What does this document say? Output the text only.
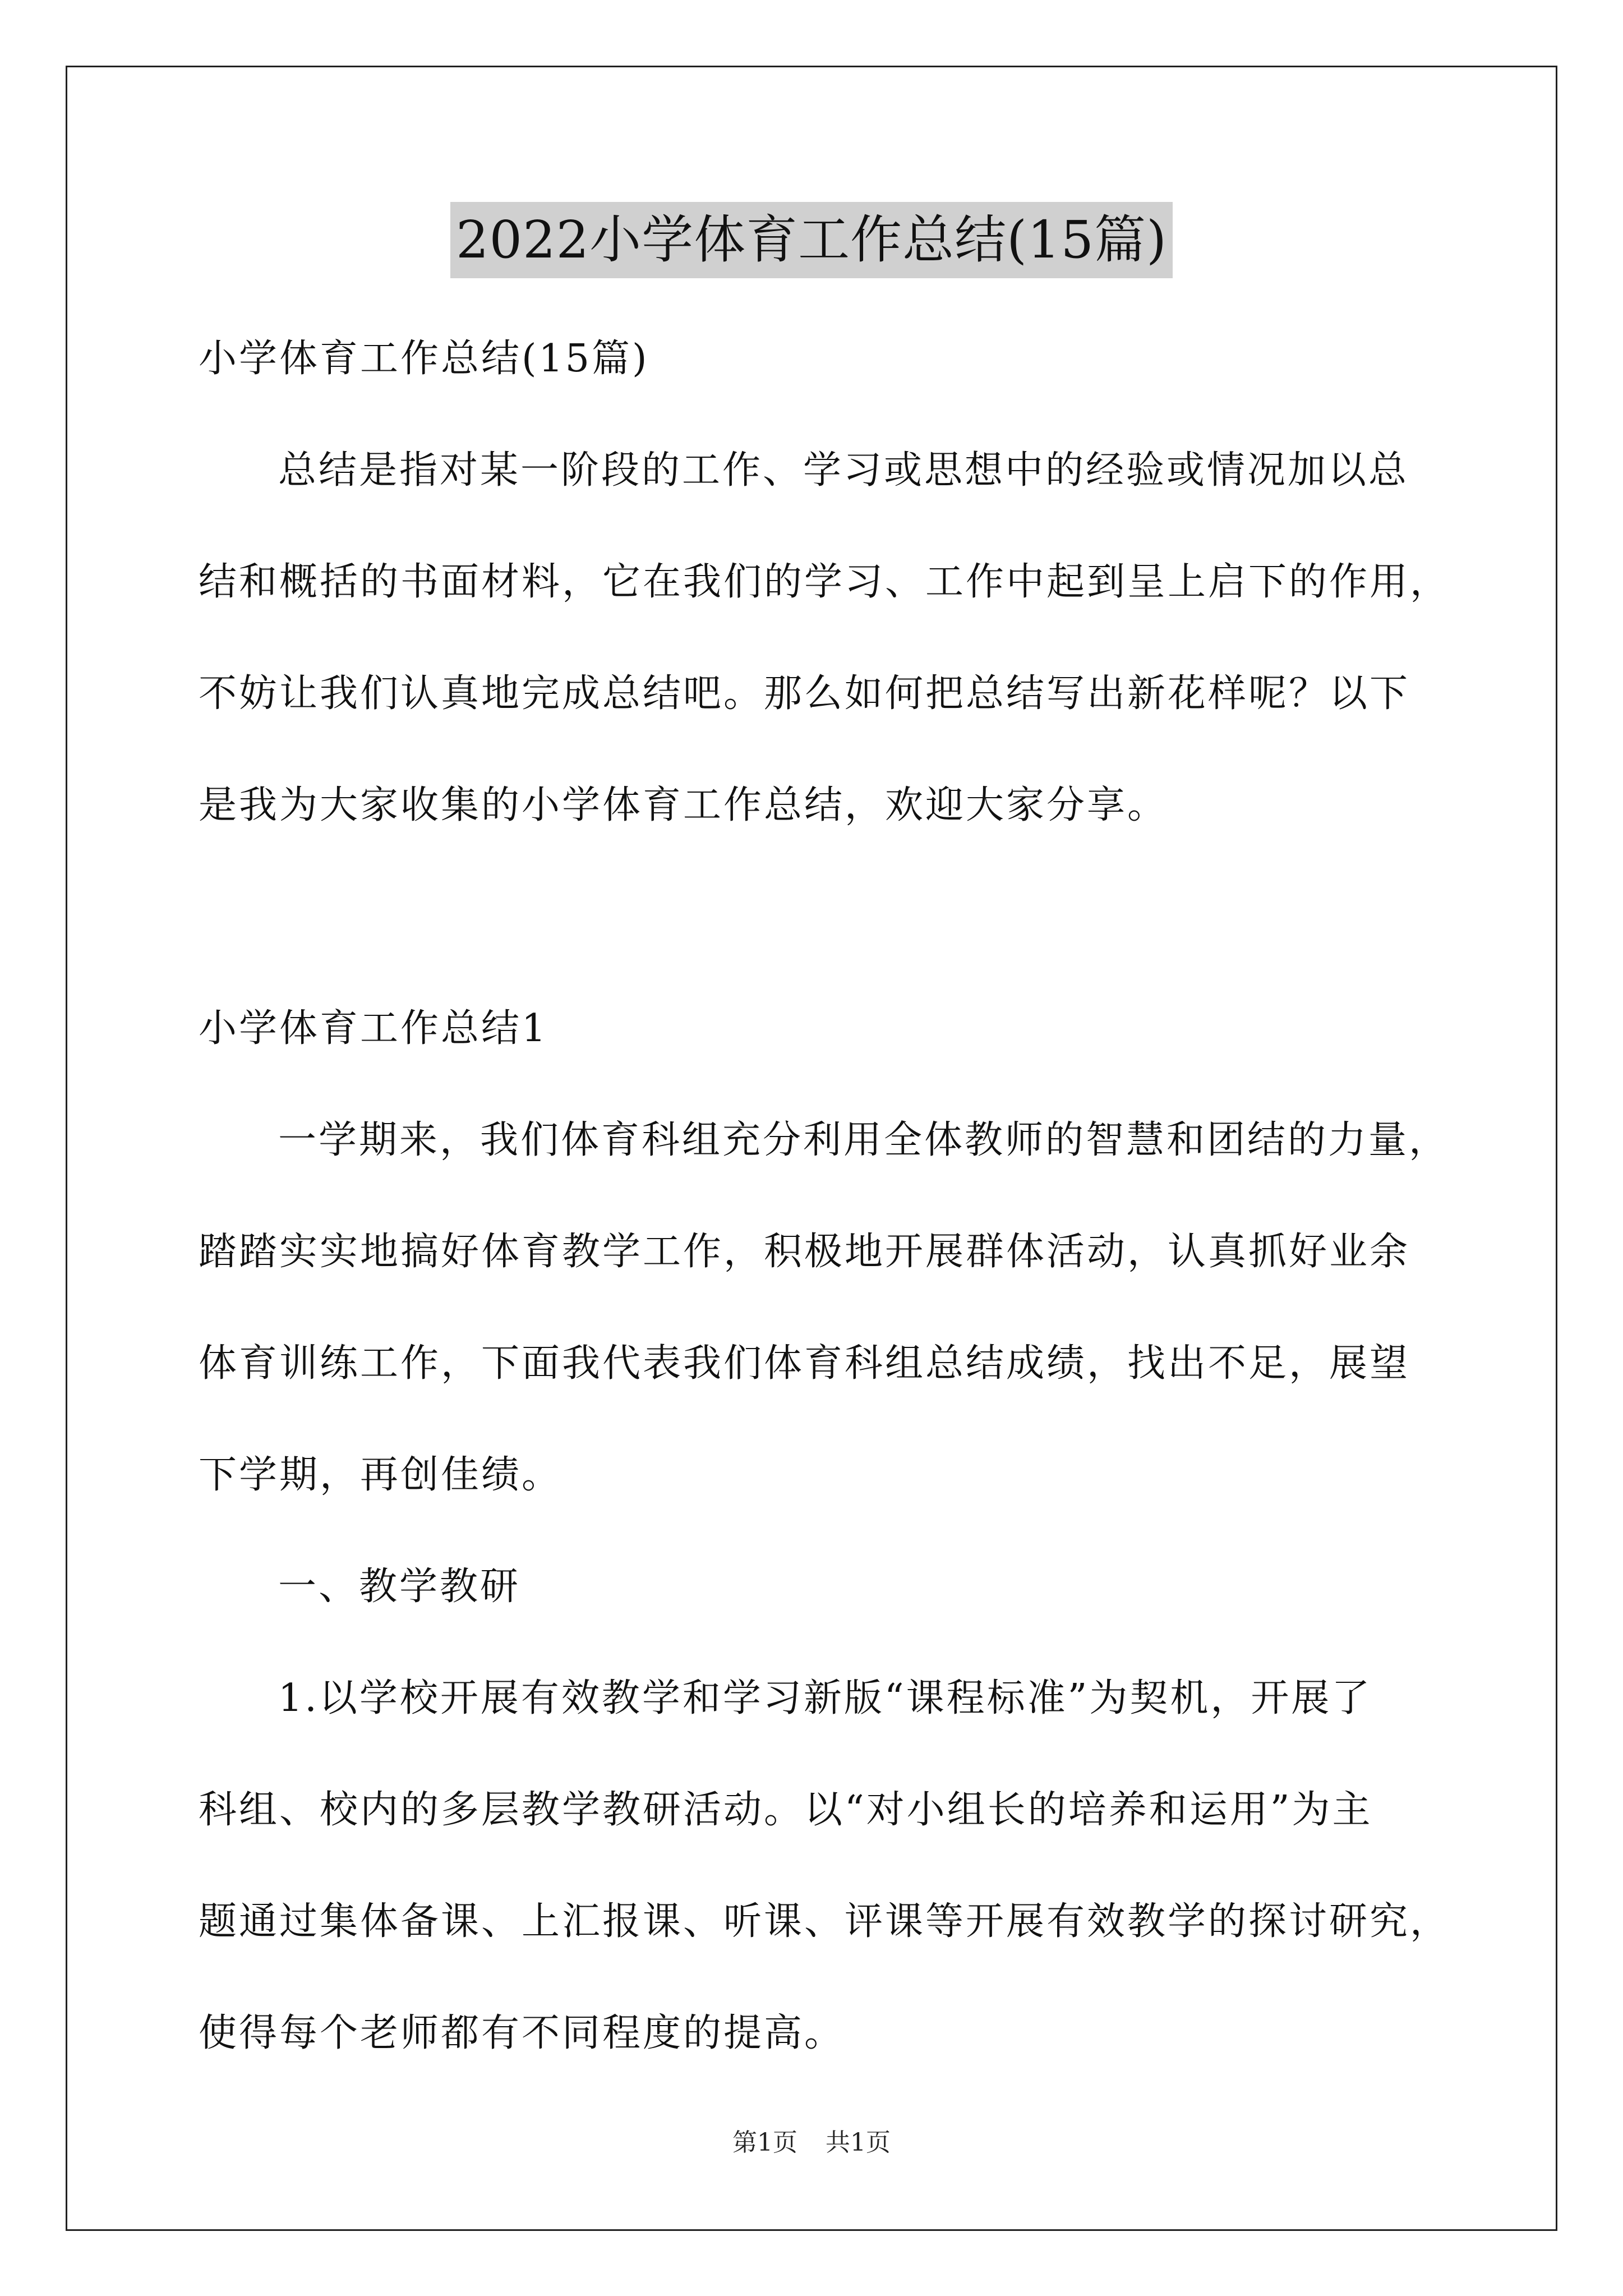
2022小学体育工作总结(15篇)
小学体育工作总结(15篇)
总结是指对某一阶段的工作、学习或思想中的经验或情况加以总
结和概括的书面材料，它在我们的学习、工作中起到呈上启下的作用，
不妨让我们认真地完成总结吧。那么如何把总结写出新花样呢？以下
是我为大家收集的小学体育工作总结，欢迎大家分享。
小学体育工作总结1
一学期来，我们体育科组充分利用全体教师的智慧和团结的力量，
踏踏实实地搞好体育教学工作，积极地开展群体活动，认真抓好业余
体育训练工作，下面我代表我们体育科组总结成绩，找出不足，展望
下学期，再创佳绩。
一、教学教研
1.以学校开展有效教学和学习新版“课程标准”为契机，开展了
科组、校内的多层教学教研活动。以“对小组长的培养和运用”为主
题通过集体备课、上汇报课、听课、评课等开展有效教学的探讨研究，
使得每个老师都有不同程度的提高。
第1页 共1页
